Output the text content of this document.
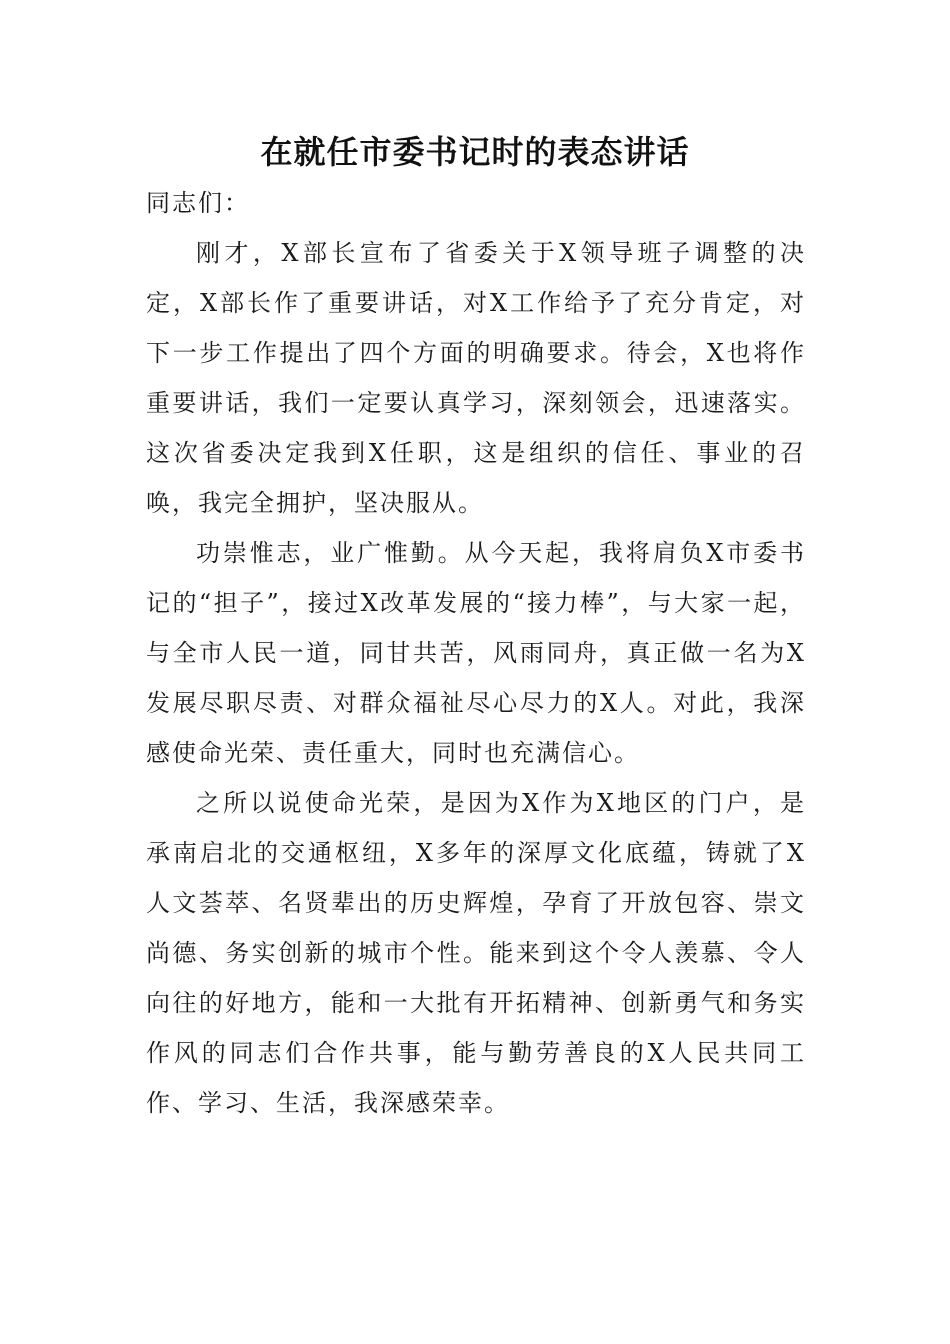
在就任市委书记时的表态讲话

同志们：

刚才，X部长宣布了省委关于X领导班子调整的决定，X部长作了重要讲话，对X工作给予了充分肯定，对下一步工作提出了四个方面的明确要求。待会，X也将作重要讲话，我们一定要认真学习，深刻领会，迅速落实。这次省委决定我到X任职，这是组织的信任、事业的召唤，我完全拥护，坚决服从。

功崇惟志，业广惟勤。从今天起，我将肩负X市委书记的“担子”，接过X改革发展的“接力棒”，与大家一起，与全市人民一道，同甘共苦，风雨同舟，真正做一名为X发展尽职尽责、对群众福祉尽心尽力的X人。对此，我深感使命光荣、责任重大，同时也充满信心。

之所以说使命光荣，是因为X作为X地区的门户，是承南启北的交通枢纽，X多年的深厚文化底蕴，铸就了X人文荟萃、名贤辈出的历史辉煌，孕育了开放包容、崇文尚德、务实创新的城市个性。能来到这个令人羡慕、令人向往的好地方，能和一大批有开拓精神、创新勇气和务实作风的同志们合作共事，能与勤劳善良的X人民共同工作、学习、生活，我深感荣幸。
